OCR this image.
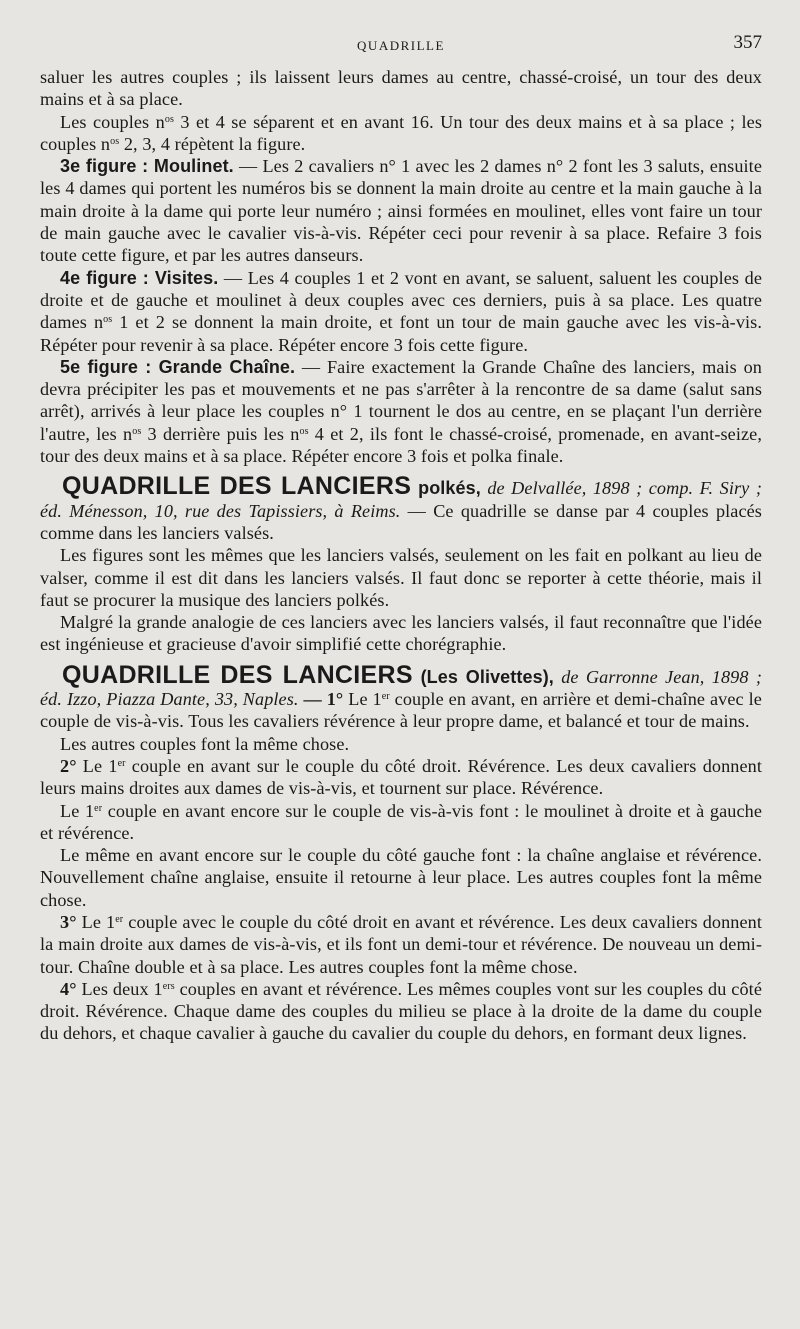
QUADRILLE	357

saluer les autres couples ; ils laissent leurs dames au centre, chassé-croisé, un tour des deux mains et à sa place.

Les couples $n^{os}$ 3 et 4 se séparent et en avant 16. Un tour des deux mains et à sa place ; les couples $n^{os}$ 2, 3, 4 répètent la figure.

3e figure : Moulinet. — Les 2 cavaliers n° 1 avec les 2 dames n° 2 font les 3 saluts, ensuite les 4 dames qui portent les numéros bis se donnent la main droite au centre et la main gauche à la main droite à la dame qui porte leur numéro ; ainsi formées en moulinet, elles vont faire un tour de main gauche avec le cavalier vis-à-vis. Répéter ceci pour revenir à sa place. Refaire 3 fois toute cette figure, et par les autres danseurs.

4e figure : Visites. — Les 4 couples 1 et 2 vont en avant, se saluent, saluent les couples de droite et de gauche et moulinet à deux couples avec ces derniers, puis à sa place. Les quatre dames $n^{os}$ 1 et 2 se donnent la main droite, et font un tour de main gauche avec les vis-à-vis. Répéter pour revenir à sa place. Répéter encore 3 fois cette figure.

5e figure : Grande Chaîne. — Faire exactement la Grande Chaîne des lanciers, mais on devra précipiter les pas et mouvements et ne pas s'arrêter à la rencontre de sa dame (salut sans arrêt), arrivés à leur place les couples n° 1 tournent le dos au centre, en se plaçant l'un derrière l'autre, les $n^{os}$ 3 derrière puis les $n^{os}$ 4 et 2, ils font le chassé-croisé, promenade, en avant-seize, tour des deux mains et à sa place. Répéter encore 3 fois et polka finale.

QUADRILLE DES LANCIERS polkés, de Delvallée, 1898 ; comp. F. Siry ; éd. Ménesson, 10, rue des Tapissiers, à Reims. — Ce quadrille se danse par 4 couples placés comme dans les lanciers valsés.

Les figures sont les mêmes que les lanciers valsés, seulement on les fait en polkant au lieu de valser, comme il est dit dans les lanciers valsés. Il faut donc se reporter à cette théorie, mais il faut se procurer la musique des lanciers polkés.

Malgré la grande analogie de ces lanciers avec les lanciers valsés, il faut reconnaître que l'idée est ingénieuse et gracieuse d'avoir simplifié cette chorégraphie.

QUADRILLE DES LANCIERS (Les Olivettes), de Garronne Jean, 1898 ; éd. Izzo, Piazza Dante, 33, Naples. — 1° Le 1er couple en avant, en arrière et demi-chaîne avec le couple de vis-à-vis. Tous les cavaliers révérence à leur propre dame, et balancé et tour de mains.

Les autres couples font la même chose.

2° Le 1er couple en avant sur le couple du côté droit. Révérence. Les deux cavaliers donnent leurs mains droites aux dames de vis-à-vis, et tournent sur place. Révérence.

Le 1er couple en avant encore sur le couple de vis-à-vis font : le moulinet à droite et à gauche et révérence.

Le même en avant encore sur le couple du côté gauche font : la chaîne anglaise et révérence. Nouvellement chaîne anglaise, ensuite il retourne à leur place. Les autres couples font la même chose.

3° Le 1er couple avec le couple du côté droit en avant et révérence. Les deux cavaliers donnent la main droite aux dames de vis-à-vis, et ils font un demi-tour et révérence. De nouveau un demi-tour. Chaîne double et à sa place. Les autres couples font la même chose.

4° Les deux 1ers couples en avant et révérence. Les mêmes couples vont sur les couples du côté droit. Révérence. Chaque dame des couples du milieu se place à la droite de la dame du couple du dehors, et chaque cavalier à gauche du cavalier du couple du dehors, en formant deux lignes.
